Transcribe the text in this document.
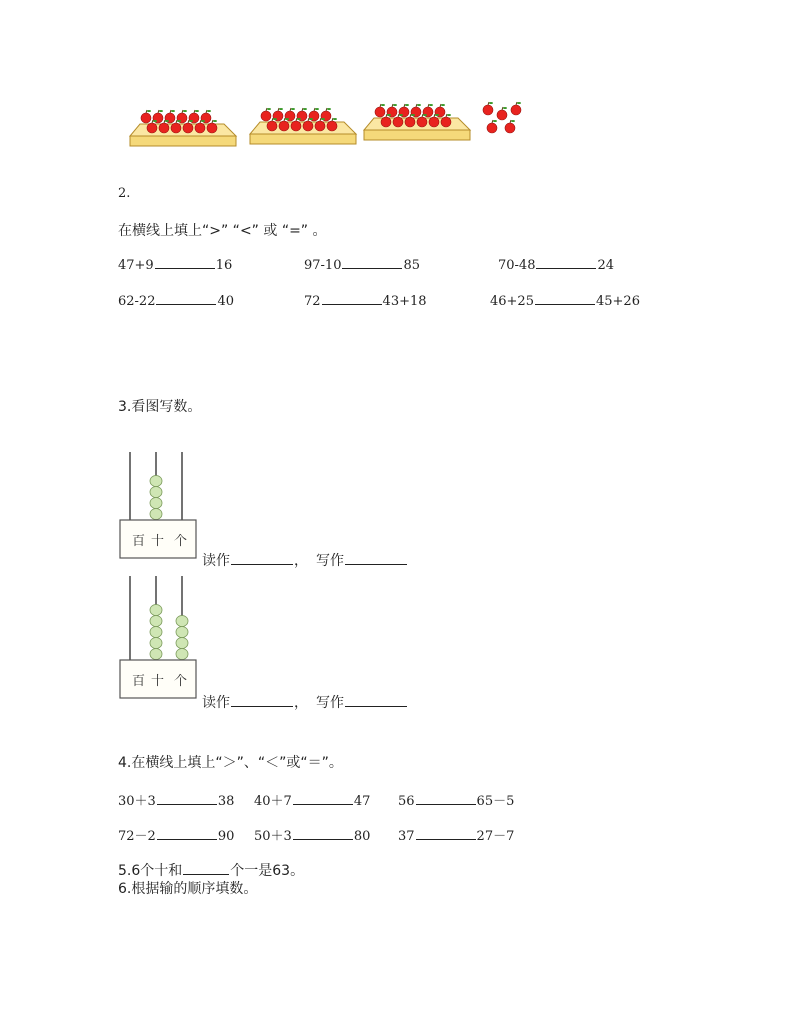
2.
在横线上填上“>” “<” 或 “=” 。
47+9	16	97-10	85	70-48	24
62-22	40	72	43+18	46+25	45+26
3.看图写数。
百 十 个
读作	， 写作
百 十 个
读作	， 写作
4.在横线上填上“＞”、“＜”或“＝”。
30＋3	38 40＋7	47 56	65－5
72－2	90 50＋3	80 37	27－7
5.6个十和	个一是63。
6.根据输的顺序填数。
